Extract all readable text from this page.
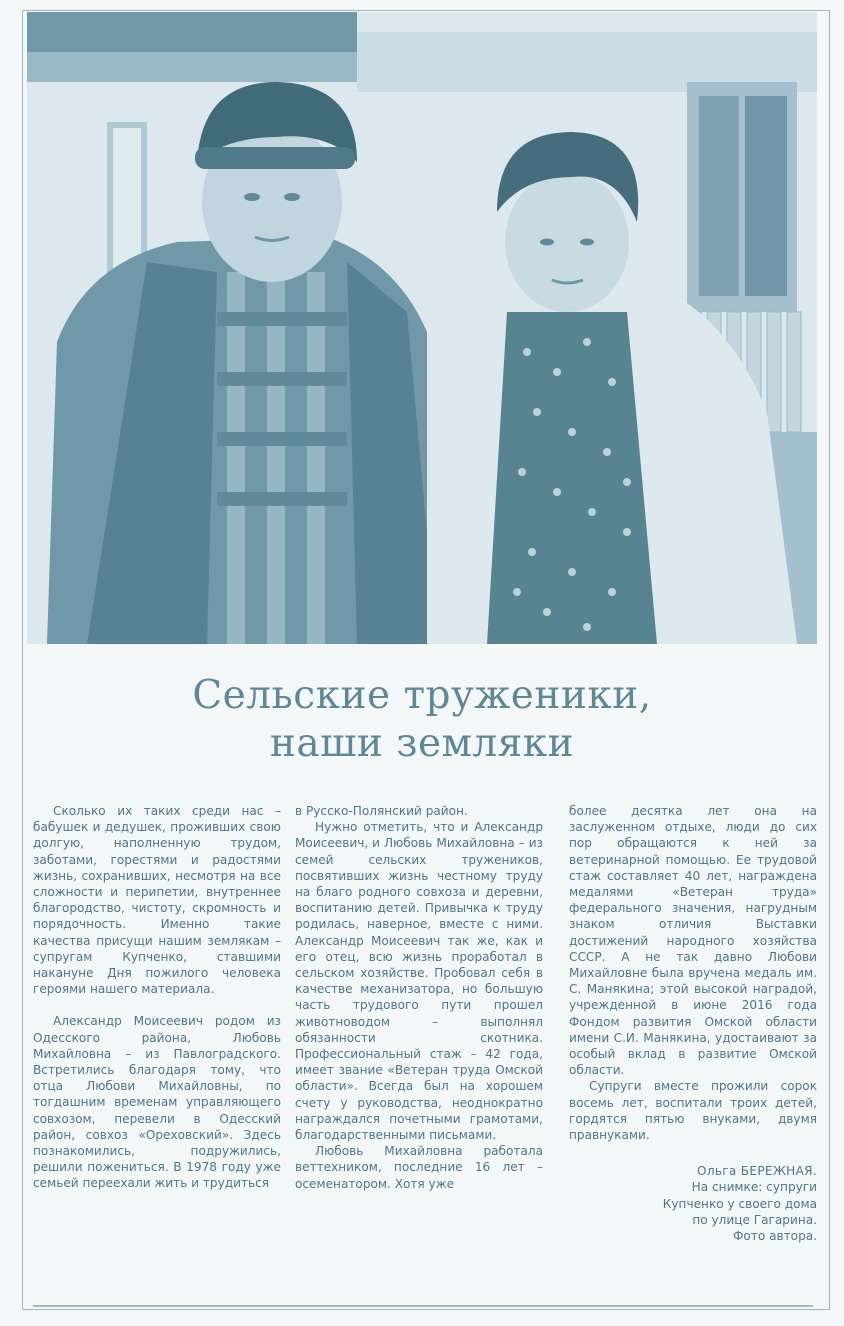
Сельские труженики,
наши земляки

Сколько их таких среди нас – бабушек и дедушек, проживших свою долгую, наполненную трудом, заботами, горестями и радостями жизнь, сохранивших, несмотря на все сложности и перипетии, внутреннее благородство, чистоту, скромность и порядочность. Именно такие качества присущи нашим землякам – супругам Купченко, ставшими накануне Дня пожилого человека героями нашего материала.

Александр Моисеевич родом из Одесского района, Любовь Михайловна – из Павлоградского. Встретились благодаря тому, что отца Любови Михайловны, по тогдашним временам управляющего совхозом, перевели в Одесский район, совхоз «Ореховский». Здесь познакомились, подружились, решили пожениться. В 1978 году уже семьей переехали жить и трудиться

в Русско-Полянский район.

Нужно отметить, что и Александр Моисеевич, и Любовь Михайловна – из семей сельских тружеников, посвятивших жизнь честному труду на благо родного совхоза и деревни, воспитанию детей. Привычка к труду родилась, наверное, вместе с ними. Александр Моисеевич так же, как и его отец, всю жизнь проработал в сельском хозяйстве. Пробовал себя в качестве механизатора, но большую часть трудового пути прошел животноводом – выполнял обязанности скотника. Профессиональный стаж – 42 года, имеет звание «Ветеран труда Омской области». Всегда был на хорошем счету у руководства, неоднократно награждался почетными грамотами, благодарственными письмами.

Любовь Михайловна работала веттехником, последние 16 лет – осеменатором. Хотя уже

более десятка лет она на заслуженном отдыхе, люди до сих пор обращаются к ней за ветеринарной помощью. Ее трудовой стаж составляет 40 лет, награждена медалями «Ветеран труда» федерального значения, нагрудным знаком отличия Выставки достижений народного хозяйства СССР. А не так давно Любови Михайловне была вручена медаль им. С. Манякина; этой высокой наградой, учрежденной в июне 2016 года Фондом развития Омской области имени С.И. Манякина, удостаивают за особый вклад в развитие Омской области.

Супруги вместе прожили сорок восемь лет, воспитали троих детей, гордятся пятью внуками, двумя правнуками.

Ольга БЕРЕЖНАЯ.
На снимке: супруги
Купченко у своего дома
по улице Гагарина.
Фото автора.
